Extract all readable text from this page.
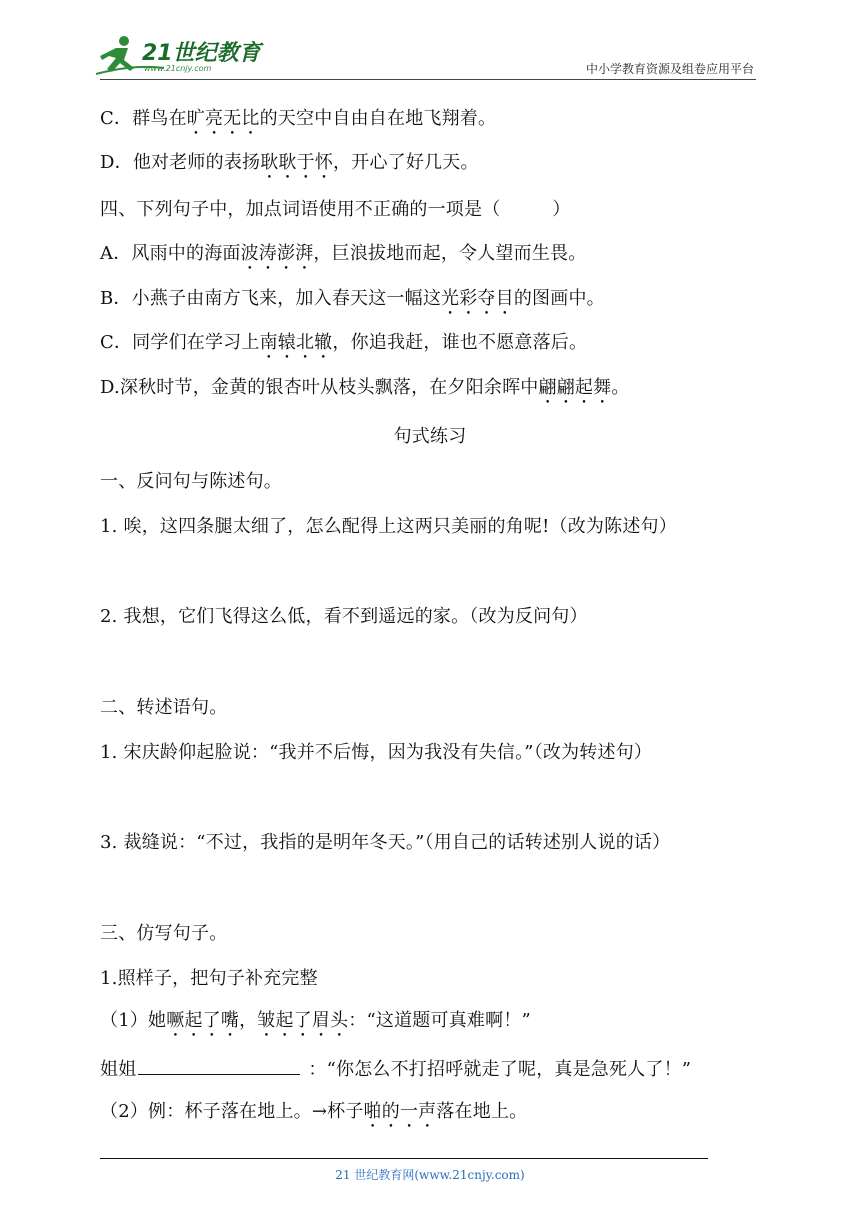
21世纪教育
www.21cnjy.com	中小学教育资源及组卷应用平台
C．群鸟在旷亮无比的天空中自由自在地飞翔着。
D．他对老师的表扬耿耿于怀，开心了好几天。
四、下列句子中，加点词语使用不正确的一项是（	）
A．风雨中的海面波涛澎湃，巨浪拔地而起，令人望而生畏。
B．小燕子由南方飞来，加入春天这一幅这光彩夺目的图画中。
C．同学们在学习上南辕北辙，你追我赶，谁也不愿意落后。
D.深秋时节，金黄的银杏叶从枝头飘落，在夕阳余晖中翩翩起舞。
句式练习
一、反问句与陈述句。
1. 唉，这四条腿太细了，怎么配得上这两只美丽的角呢!（改为陈述句）
2. 我想，它们飞得这么低，看不到遥远的家。（改为反问句）
二、转述语句。
1. 宋庆龄仰起脸说：“我并不后悔，因为我没有失信。”（改为转述句）
3. 裁缝说：“不过，我指的是明年冬天。”（用自己的话转述别人说的话）
三、仿写句子。
1.照样子，把句子补充完整
（1）她噘起了嘴，皱起了眉头：“这道题可真难啊！”
姐姐	：“你怎么不打招呼就走了呢，真是急死人了！”
（2）例：杯子落在地上。→杯子啪的一声落在地上。
21 世纪教育网(www.21cnjy.com)
